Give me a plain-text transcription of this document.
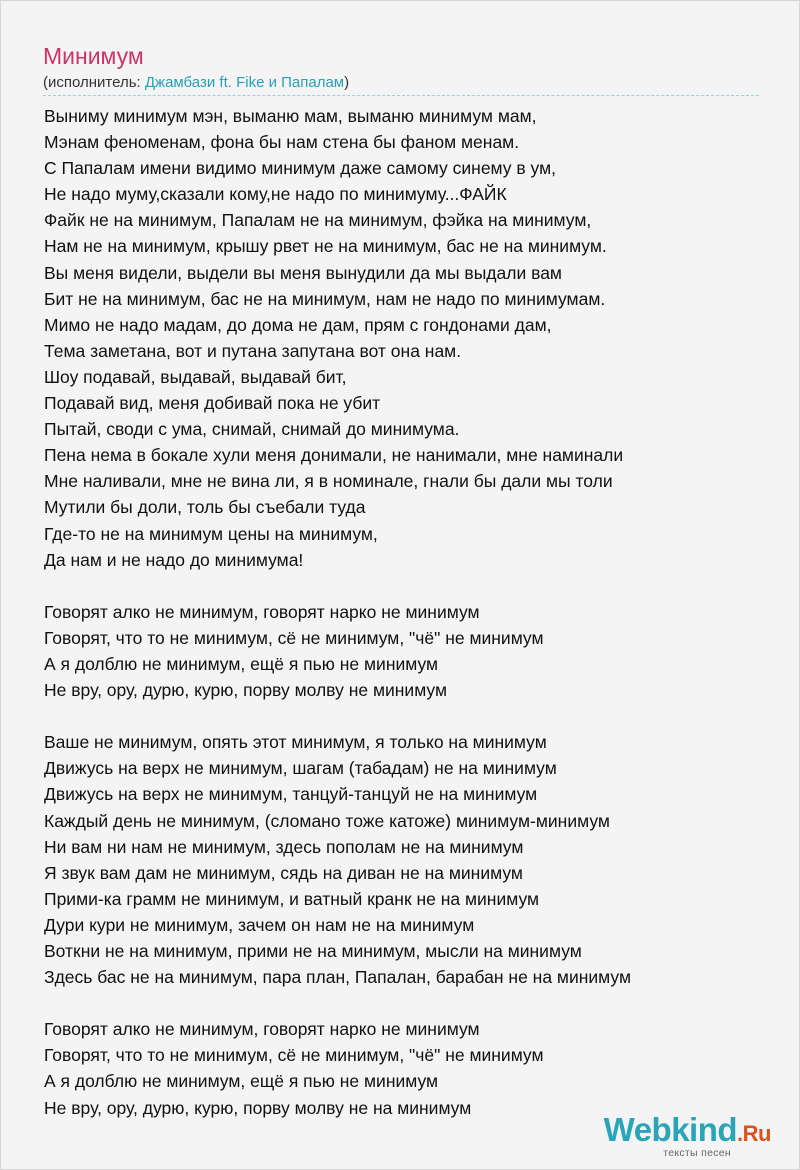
Минимум
(исполнитель: Джамбази ft. Fike и Папалам)
Выниму минимум мэн, выманю мам, выманю минимум мам,
Мэнам феноменам, фона бы нам стена бы фаном менам.
С Папалам имени видимо минимум даже самому синему в ум,
Не надо муму,сказали кому,не надо по минимуму...ФАЙК
Файк не на минимум, Папалам не на минимум, фэйка на минимум,
Нам не на минимум, крышу рвет не на минимум, бас не на минимум.
Вы меня видели, выдели вы меня вынудили да мы выдали вам
Бит не на минимум, бас не на минимум, нам не надо по минимумам.
Мимо не надо мадам, до дома не дам, прям с гондонами дам,
Тема заметана, вот и путана запутана вот она нам.
Шоу подавай, выдавай, выдавай бит,
Подавай вид, меня добивай пока не убит
Пытай, своди с ума, снимай, снимай до минимума.
Пена нема в бокале хули меня донимали, не нанимали, мне наминали
Мне наливали, мне не вина ли, я в номинале, гнали бы дали мы толи
Мутили бы доли, толь бы съебали туда
Где-то не на минимум цены на минимум,
Да нам и не надо до минимума!
Говорят алко не минимум, говорят нарко не минимум
Говорят, что то не минимум, сё не минимум, "чё" не минимум
А я долблю не минимум, ещё я пью не минимум
Не вру, ору, дурю, курю, порву молву не минимум
Ваше не минимум, опять этот минимум, я только на минимум
Движусь на верх не минимум, шагам (табадам) не на минимум
Движусь на верх не минимум, танцуй-танцуй не на минимум
Каждый день не минимум, (сломано тоже катоже) минимум-минимум
Ни вам ни нам не минимум, здесь пополам не на минимум
Я звук вам дам не минимум, сядь на диван не на минимум
Прими-ка грамм не минимум, и ватный кранк не на минимум
Дури кури не минимум, зачем он нам не на минимум
Воткни не на минимум, прими не на минимум, мысли на минимум
Здесь бас не на минимум, пара план, Папалан, барабан не на минимум
Говорят алко не минимум, говорят нарко не минимум
Говорят, что то не минимум, сё не минимум, "чё" не минимум
А я долблю не минимум, ещё я пью не минимум
Не вру, ору, дурю, курю, порву молву не на минимум
Webkind.Ru
тексты песен
